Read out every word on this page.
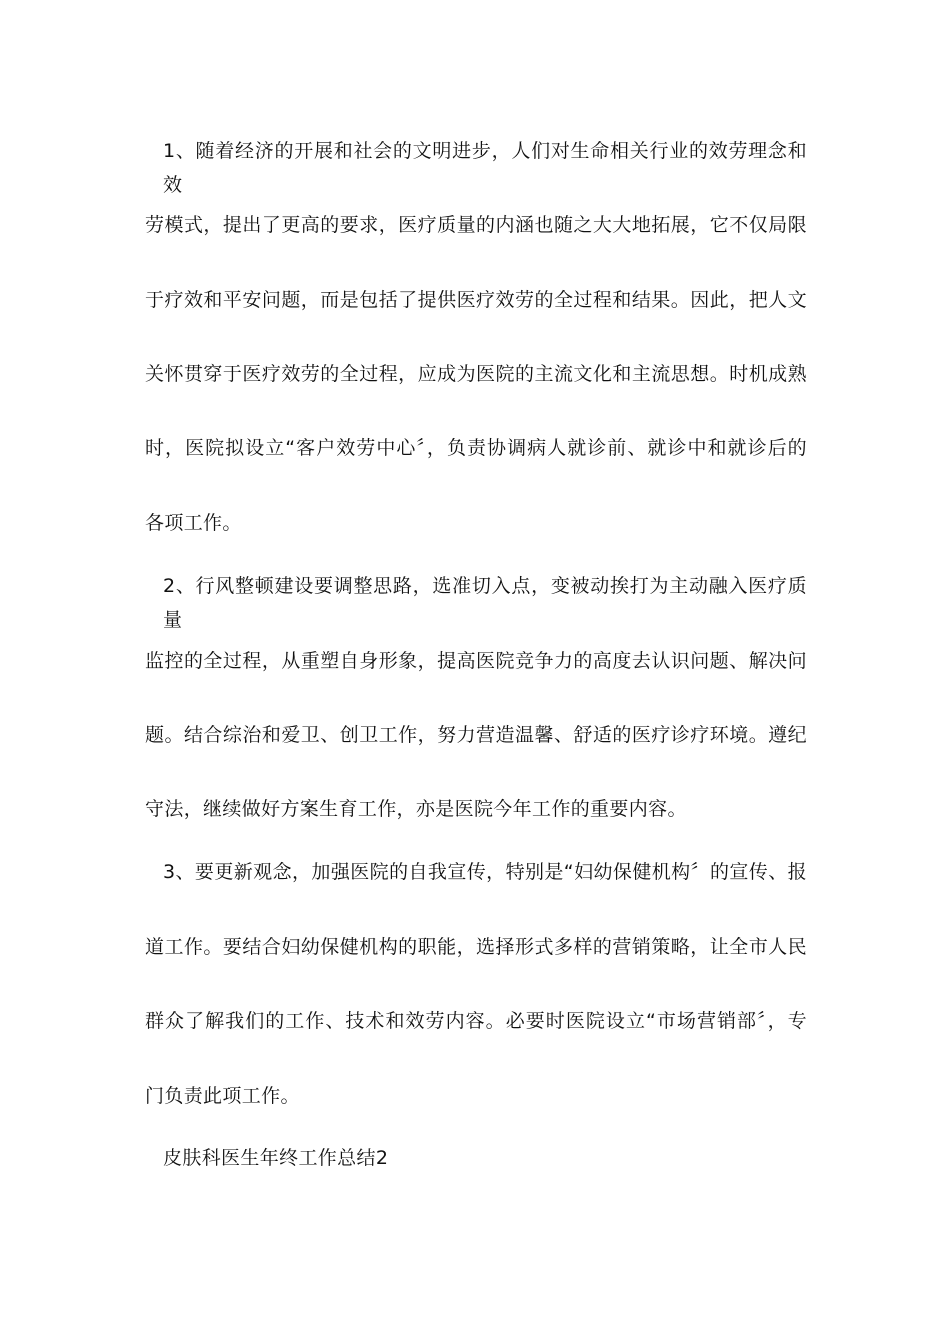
1、随着经济的开展和社会的文明进步，人们对生命相关行业的效劳理念和效
劳模式，提出了更高的要求，医疗质量的内涵也随之大大地拓展，它不仅局限
于疗效和平安问题，而是包括了提供医疗效劳的全过程和结果。因此，把人文
关怀贯穿于医疗效劳的全过程，应成为医院的主流文化和主流思想。时机成熟
时，医院拟设立“客户效劳中心〞，负责协调病人就诊前、就诊中和就诊后的
各项工作。
2、行风整顿建设要调整思路，选准切入点，变被动挨打为主动融入医疗质量
监控的全过程，从重塑自身形象，提高医院竞争力的高度去认识问题、解决问
题。结合综治和爱卫、创卫工作，努力营造温馨、舒适的医疗诊疗环境。遵纪
守法，继续做好方案生育工作，亦是医院今年工作的重要内容。
3、要更新观念，加强医院的自我宣传，特别是“妇幼保健机构〞的宣传、报
道工作。要结合妇幼保健机构的职能，选择形式多样的营销策略，让全市人民
群众了解我们的工作、技术和效劳内容。必要时医院设立“市场营销部〞，专
门负责此项工作。
皮肤科医生年终工作总结2
